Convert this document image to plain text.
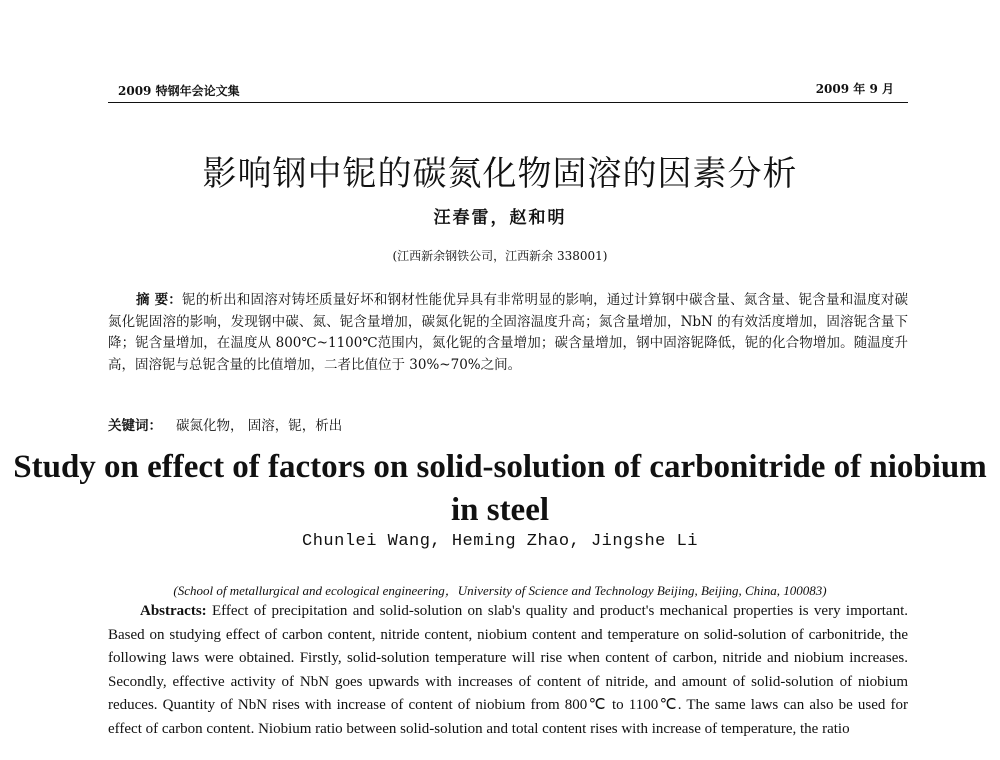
2009 特钢年会论文集	2009 年 9 月
影响钢中铌的碳氮化物固溶的因素分析
汪春雷，赵和明
(江西新余钢铁公司，江西新余 338001)
摘 要：铌的析出和固溶对铸坯质量好坏和钢材性能优异具有非常明显的影响，通过计算钢中碳含量、氮含量、铌含量和温度对碳氮化铌固溶的影响，发现钢中碳、氮、铌含量增加，碳氮化铌的全固溶温度升高；氮含量增加，NbN 的有效活度增加，固溶铌含量下降；铌含量增加，在温度从 800℃~1100℃范围内，氮化铌的含量增加；碳含量增加，钢中固溶铌降低，铌的化合物增加。随温度升高，固溶铌与总铌含量的比值增加，二者比值位于 30%~70%之间。
关键词： 碳氮化物， 固溶，铌，析出
Study on effect of factors on solid-solution of carbonitride of niobium in steel
Chunlei Wang, Heming Zhao, Jingshe Li
(School of metallurgical and ecological engineering，University of Science and Technology Beijing, Beijing, China, 100083)
Abstracts: Effect of precipitation and solid-solution on slab's quality and product's mechanical properties is very important. Based on studying effect of carbon content, nitride content, niobium content and temperature on solid-solution of carbonitride, the following laws were obtained. Firstly, solid-solution temperature will rise when content of carbon, nitride and niobium increases. Secondly, effective activity of NbN goes upwards with increases of content of nitride, and amount of solid-solution of niobium reduces. Quantity of NbN rises with increase of content of niobium from 800℃ to 1100℃. The same laws can also be used for effect of carbon content. Niobium ratio between solid-solution and total content rises with increase of temperature, the ratio
